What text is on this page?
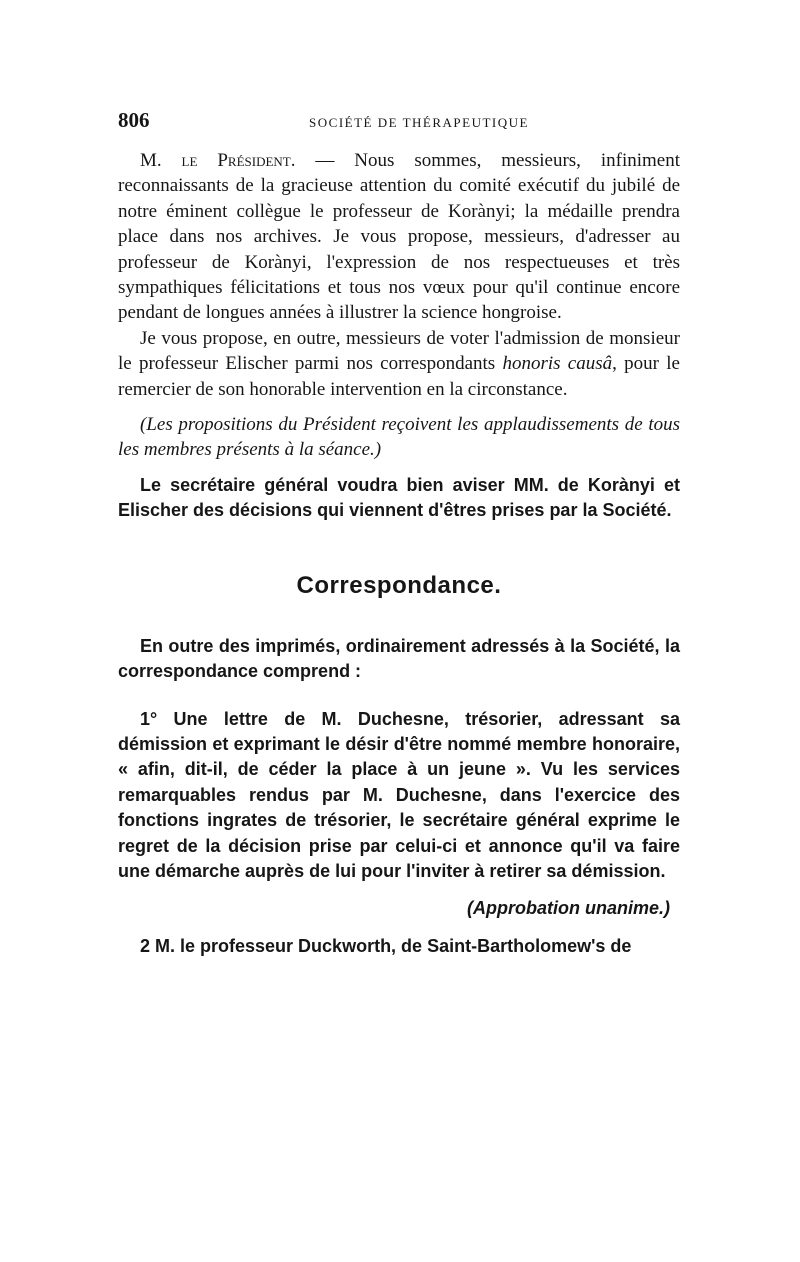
806	SOCIÉTÉ DE THÉRAPEUTIQUE

M. le Président. — Nous sommes, messieurs, infiniment reconnaissants de la gracieuse attention du comité exécutif du jubilé de notre éminent collègue le professeur de Korànyi; la médaille prendra place dans nos archives. Je vous propose, messieurs, d'adresser au professeur de Korànyi, l'expression de nos respectueuses et très sympathiques félicitations et tous nos vœux pour qu'il continue encore pendant de longues années à illustrer la science hongroise.

Je vous propose, en outre, messieurs de voter l'admission de monsieur le professeur Elischer parmi nos correspondants honoris causâ, pour le remercier de son honorable intervention en la circonstance.

(Les propositions du Président reçoivent les applaudissements de tous les membres présents à la séance.)

Le secrétaire général voudra bien aviser MM. de Korànyi et Elischer des décisions qui viennent d'êtres prises par la Société.

Correspondance.

En outre des imprimés, ordinairement adressés à la Société, la correspondance comprend :

1° Une lettre de M. Duchesne, trésorier, adressant sa démission et exprimant le désir d'être nommé membre honoraire, « afin, dit-il, de céder la place à un jeune ». Vu les services remarquables rendus par M. Duchesne, dans l'exercice des fonctions ingrates de trésorier, le secrétaire général exprime le regret de la décision prise par celui-ci et annonce qu'il va faire une démarche auprès de lui pour l'inviter à retirer sa démission.

(Approbation unanime.)

2 M. le professeur Duckworth, de Saint-Bartholomew's de
